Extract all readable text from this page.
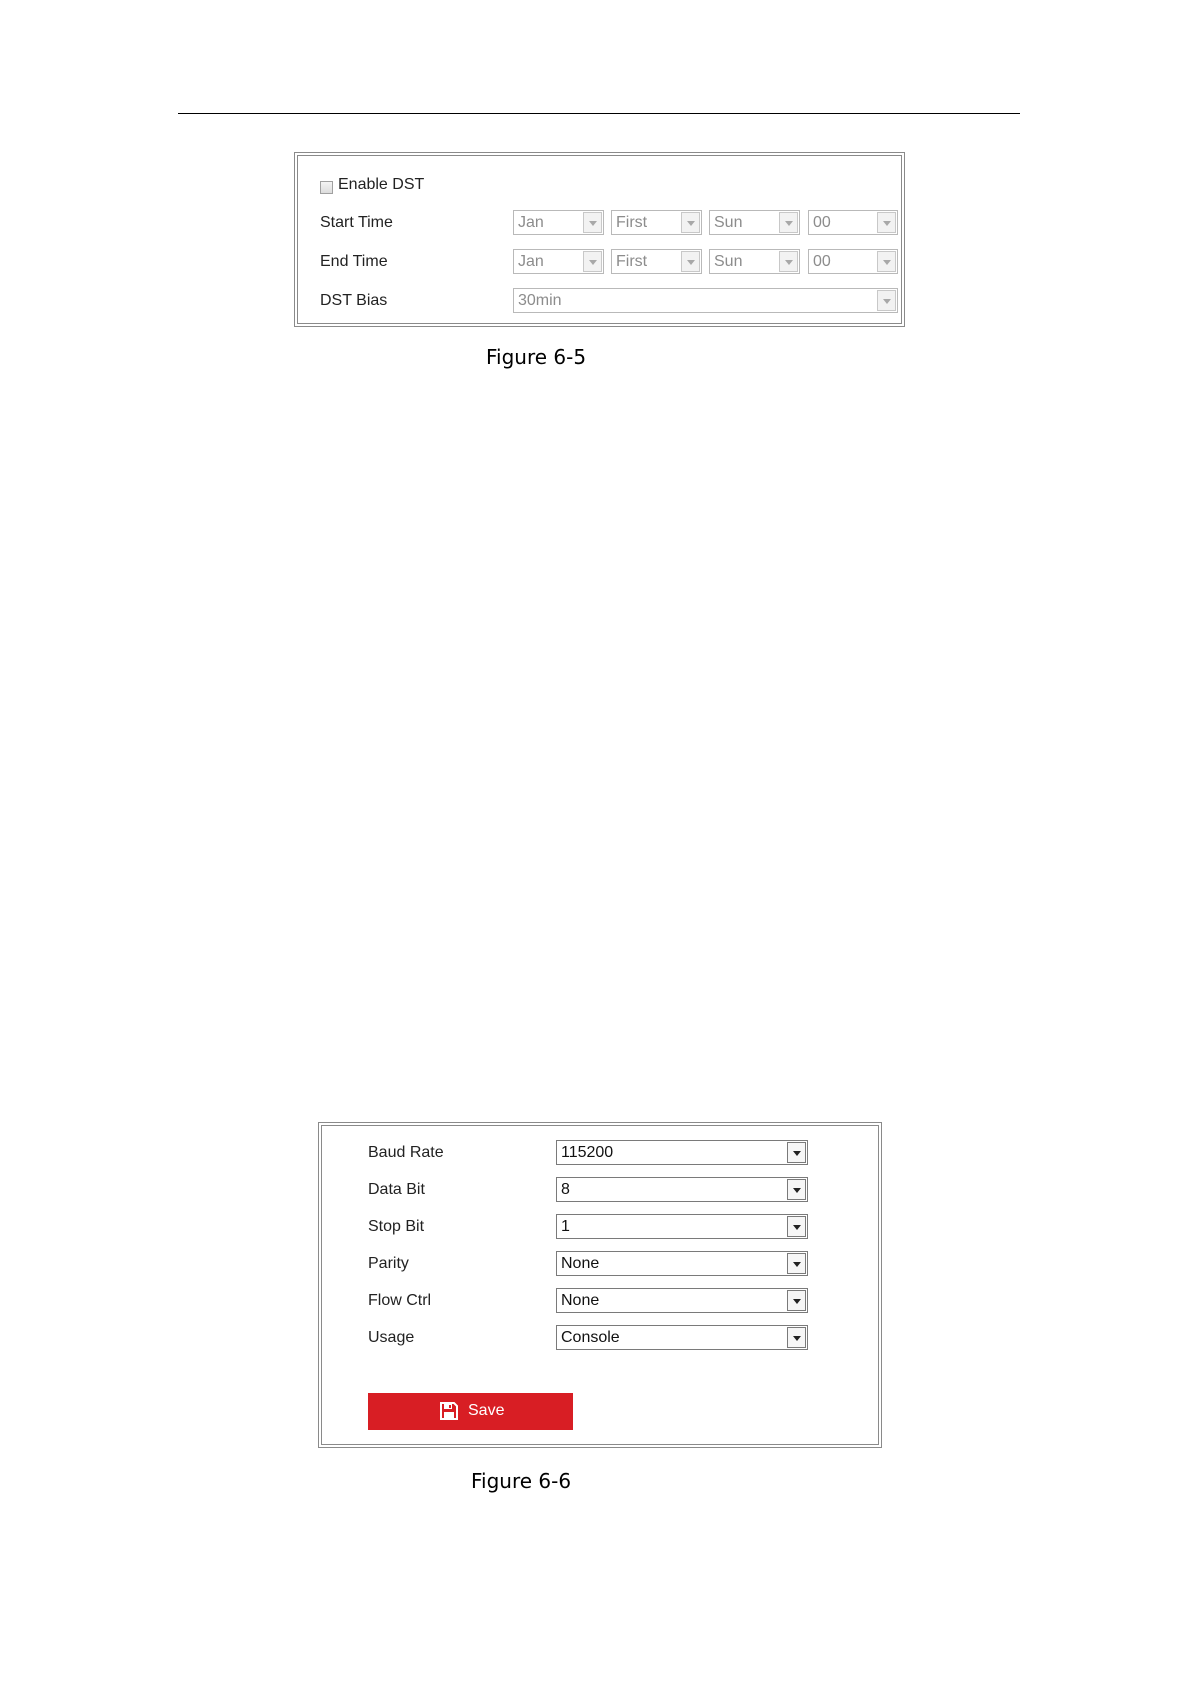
Enable DST
Start Time	Jan	First	Sun	00
End Time	Jan	First	Sun	00
DST Bias	30min
Figure 6-5
Baud Rate	115200
Data Bit	8
Stop Bit	1
Parity	None
Flow Ctrl	None
Usage	Console
Save
Figure 6-6
